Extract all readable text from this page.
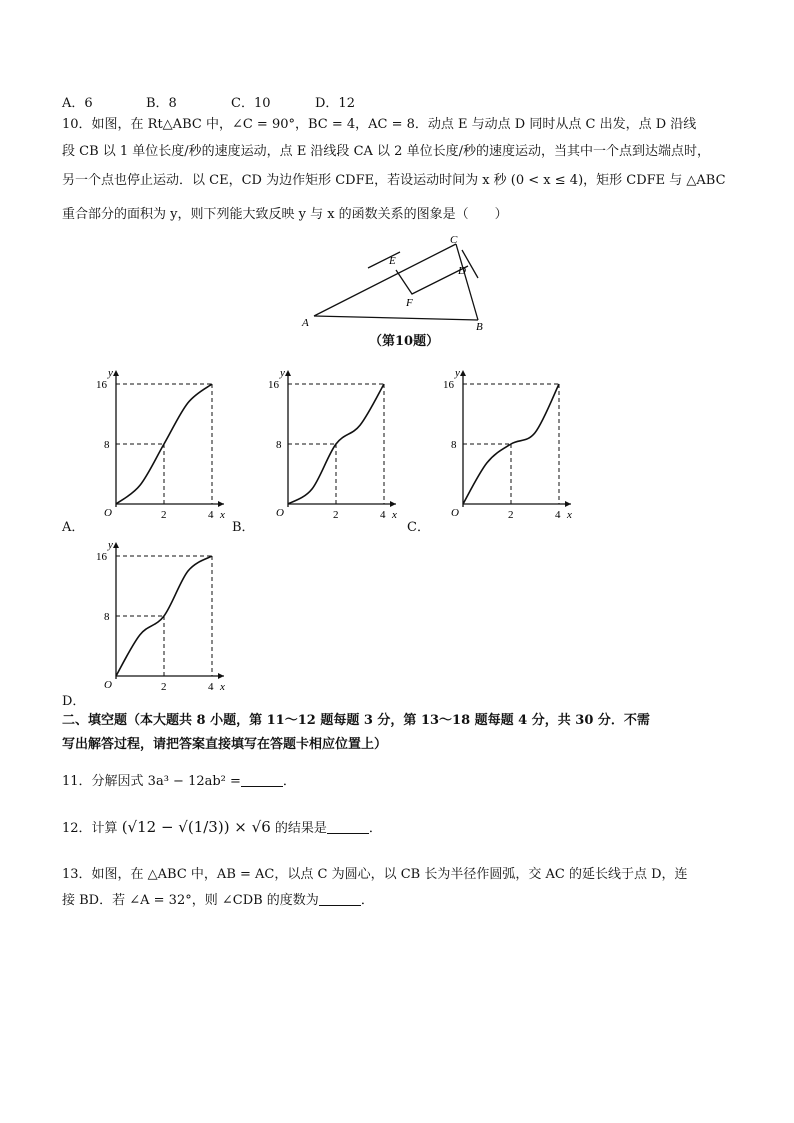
A．6	B．8	C．10	D．12
10．如图，在 Rt△ABC 中，∠C = 90°，BC = 4，AC = 8．动点 E 与动点 D 同时从点 C 出发，点 D 沿线
段 CB 以 1 单位长度/秒的速度运动，点 E 沿线段 CA 以 2 单位长度/秒的速度运动，当其中一个点到达端点时，
另一个点也停止运动．以 CE，CD 为边作矩形 CDFE，若设运动时间为 x 秒 (0 < x ≤ 4)，矩形 CDFE 与 △ABC
重合部分的面积为 y，则下列能大致反映 y 与 x 的函数关系的图象是（　　）
C
E
D
F
A	B
（第10题）
y
x
O
16
8
2	4
y
x
O
16
8
2	4
y
x
O
16
8
2	4
y
x
O
16
8
2	4
A．	B．	C．
D．
二、填空题（本大题共 8 小题，第 11～12 题每题 3 分，第 13～18 题每题 4 分，共 30 分．不需
写出解答过程，请把答案直接填写在答题卡相应位置上）
11．分解因式 3a³ − 12ab² =	．
12．计算 (√12 − √(1/3)) × √6 的结果是	．
13．如图，在 △ABC 中，AB = AC，以点 C 为圆心，以 CB 长为半径作圆弧，交 AC 的延长线于点 D，连
接 BD．若 ∠A = 32°，则 ∠CDB 的度数为	．
